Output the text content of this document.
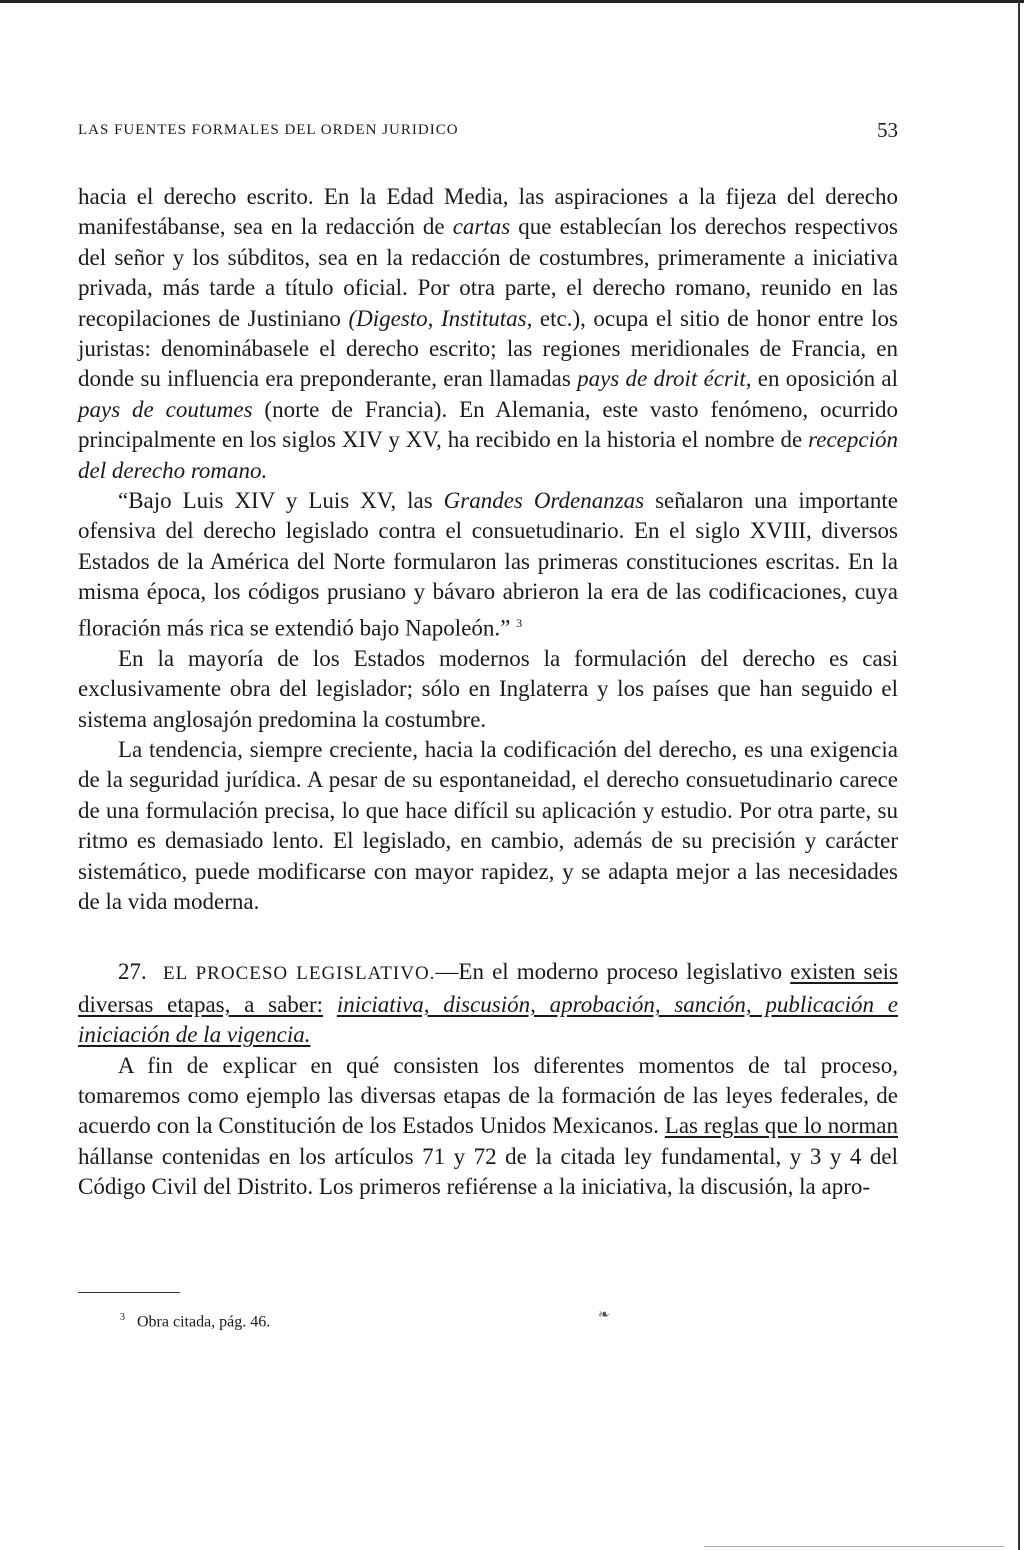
LAS FUENTES FORMALES DEL ORDEN JURIDICO	53

hacia el derecho escrito. En la Edad Media, las aspiraciones a la fijeza del derecho manifestábanse, sea en la redacción de cartas que establecían los derechos respectivos del señor y los súbditos, sea en la redacción de costumbres, primeramente a iniciativa privada, más tarde a título oficial. Por otra parte, el derecho romano, reunido en las recopilaciones de Justiniano (Digesto, Institutas, etc.), ocupa el sitio de honor entre los juristas: denominábasele el derecho escrito; las regiones meridionales de Francia, en donde su influencia era preponderante, eran llamadas pays de droit écrit, en oposición al pays de coutumes (norte de Francia). En Alemania, este vasto fenómeno, ocurrido principalmente en los siglos XIV y XV, ha recibido en la historia el nombre de recepción del derecho romano.

“Bajo Luis XIV y Luis XV, las Grandes Ordenanzas señalaron una importante ofensiva del derecho legislado contra el consuetudinario. En el siglo XVIII, diversos Estados de la América del Norte formularon las primeras constituciones escritas. En la misma época, los códigos prusiano y bávaro abrieron la era de las codificaciones, cuya floración más rica se extendió bajo Napoleón.” $^3$

En la mayoría de los Estados modernos la formulación del derecho es casi exclusivamente obra del legislador; sólo en Inglaterra y los países que han seguido el sistema anglosajón predomina la costumbre.

La tendencia, siempre creciente, hacia la codificación del derecho, es una exigencia de la seguridad jurídica. A pesar de su espontaneidad, el derecho consuetudinario carece de una formulación precisa, lo que hace difícil su aplicación y estudio. Por otra parte, su ritmo es demasiado lento. El legislado, en cambio, además de su precisión y carácter sistemático, puede modificarse con mayor rapidez, y se adapta mejor a las necesidades de la vida moderna.

27. EL PROCESO LEGISLATIVO.—En el moderno proceso legislativo existen seis diversas etapas, a saber: iniciativa, discusión, aprobación, sanción, publicación e iniciación de la vigencia.

A fin de explicar en qué consisten los diferentes momentos de tal proceso, tomaremos como ejemplo las diversas etapas de la formación de las leyes federales, de acuerdo con la Constitución de los Estados Unidos Mexicanos. Las reglas que lo norman hállanse contenidas en los artículos 71 y 72 de la citada ley fundamental, y 3 y 4 del Código Civil del Distrito. Los primeros refiérense a la iniciativa, la discusión, la apro-

$^3$ Obra citada, pág. 46.	❧
